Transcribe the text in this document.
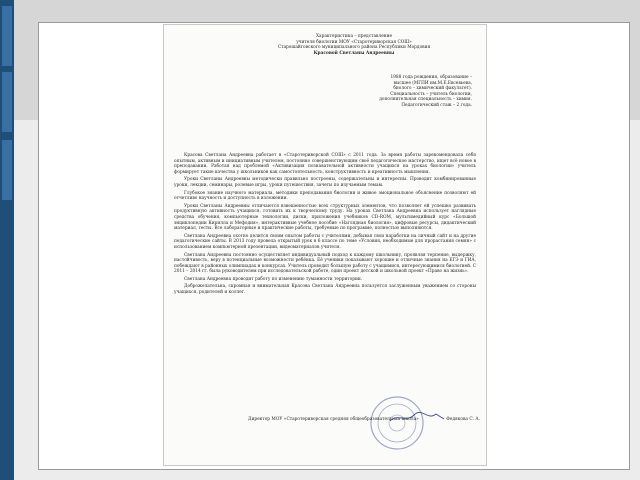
Характеристика – представление
учителя биологии МОУ «Старотериворская СОШ»
Старошайговского муниципального района Республики Мордовия
Красовой Светланы Андреевны
1988 года рождения, образование –
высшее (МГПИ им.М.Е.Евсевьева,
биолого – химический факультет).
Специальность – учитель биологии,
дополнительная специальность – химия.
Педагогический стаж – 2 года.

Красова Светлана Андреевна работает в «Старотериворской СОШ» с 2011 года. За время работы зарекомендовала себя опытным, активным и инициативным учителем, постоянно совершенствующим своё педагогическое мастерство, ищет всё новое в преподавании. Работая над проблемой «Активизация познавательной активности учащихся на уроках биологии» учитель формирует такие качества у школьников как самостоятельность, конструктивность и креативность мышления.

Уроки Светланы Андреевны методически правильно построены, содержательны и интересны. Проводит комбинированные уроки, лекции, семинары, ролевые игры, уроки путешествия, зачеты по изучаемым темам.

Глубокое знание научного материала, методики преподавания биологии и живое эмоциональное объяснение позволяют ей отчетливо научность и доступность в изложении.

Уроки Светланы Андреевны отличаются взвешенностью всех структурных элементов, что позволяет ей успешно развивать продуктивную активность учащихся, готовить их к творческому труду. На уроках Светлана Андреевна использует наглядные средства обучения, компьютерные технологии, диски, приложения учебников CD-ROM, мультимедийный курс «Большой энциклопедии Кирилла и Мефодия», интерактивные учебное пособие «Наглядная биология», цифровые ресурсы, дидактический материал, тесты. Все лабораторные и практические работы, требуемые по программе, полностью выполняются.

Светлана Андреевна охотно делится своим опытом работы с учителями, добывая свои наработки на личный сайт и на другие педагогические сайты. В 2013 году провела открытый урок в 6 классе по теме «Условия, необходимые для прорастания семян» с использованием компьютерной презентации, видеоматериалов учителя.

Светлана Андреевна постоянно осуществляет индивидуальный подход к каждому школьнику, проявляя терпение, выдержку, настойчивость, веру в потенциальные возможности ребёнка. Её ученики показывают хорошие и отличные знания на ЕГЭ и ГИА, побеждают в районных олимпиадах и конкурсах. Учитель проводит большую работу с учащимися, интересующимися биологией. С 2011 – 2014 гг. была руководителем при исследовательской работе, один проект детской и школьной проект «Право на жизнь».

Светлана Андреевна проводит работу по изменению туманности территории.

Доброжелательна, скромная и внимательная Красова Светлана Андреевна пользуется заслуженным уважением со стороны учащихся, родителей и коллег.

Директор МОУ «Старотериворская средняя общеобразовательная школа»	Федякова С. А.
